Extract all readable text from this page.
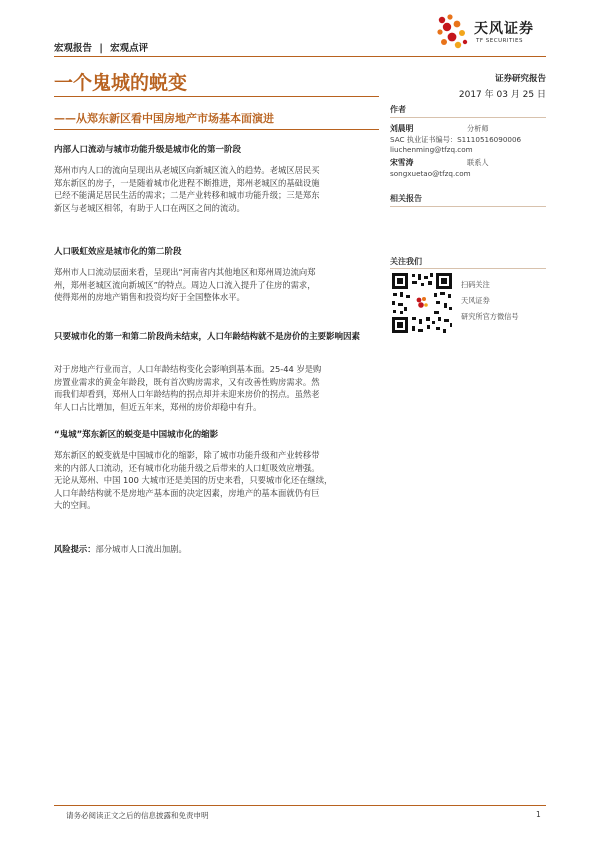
宏观报告 | 宏观点评
天风证券
TF SECURITIES
一个鬼城的蜕变
——从郑东新区看中国房地产市场基本面演进
证券研究报告
2017 年 03 月 25 日
作者
刘晨明	分析师
SAC 执业证书编号：S1110516090006
liuchenming@tfzq.com
宋雪涛	联系人
songxuetao@tfzq.com
相关报告
关注我们
扫码关注
天风证券
研究所官方微信号
内部人口流动与城市功能升级是城市化的第一阶段
郑州市内人口的流向呈现出从老城区向新城区流入的趋势。老城区居民买
郑东新区的房子，一是随着城市化进程不断推进，郑州老城区的基础设施
已经不能满足居民生活的需求；二是产业转移和城市功能升级；三是郑东
新区与老城区相邻，有助于人口在两区之间的流动。
人口吸虹效应是城市化的第二阶段
郑州市人口流动层面来看，呈现出“河南省内其他地区和郑州周边流向郑
州，郑州老城区流向新城区”的特点。周边人口流入提升了住房的需求，
使得郑州的房地产销售和投资均好于全国整体水平。
只要城市化的第一和第二阶段尚未结束，人口年龄结构就不是房价的主要影响因素
对于房地产行业而言，人口年龄结构变化会影响到基本面。25-44 岁是购
房置业需求的黄金年龄段，既有首次购房需求，又有改善性购房需求。然
而我们却看到，郑州人口年龄结构的拐点却并未迎来房价的拐点。虽然老
年人口占比增加，但近五年来，郑州的房价却稳中有升。
“鬼城”郑东新区的蜕变是中国城市化的缩影
郑东新区的蜕变就是中国城市化的缩影，除了城市功能升级和产业转移带
来的内部人口流动，还有城市化功能升级之后带来的人口虹吸效应增强。
无论从郑州、中国 100 大城市还是美国的历史来看，只要城市化还在继续，
人口年龄结构就不是房地产基本面的决定因素，房地产的基本面就仍有巨
大的空间。
风险提示：部分城市人口流出加剧。
请务必阅读正文之后的信息披露和免责申明	1
